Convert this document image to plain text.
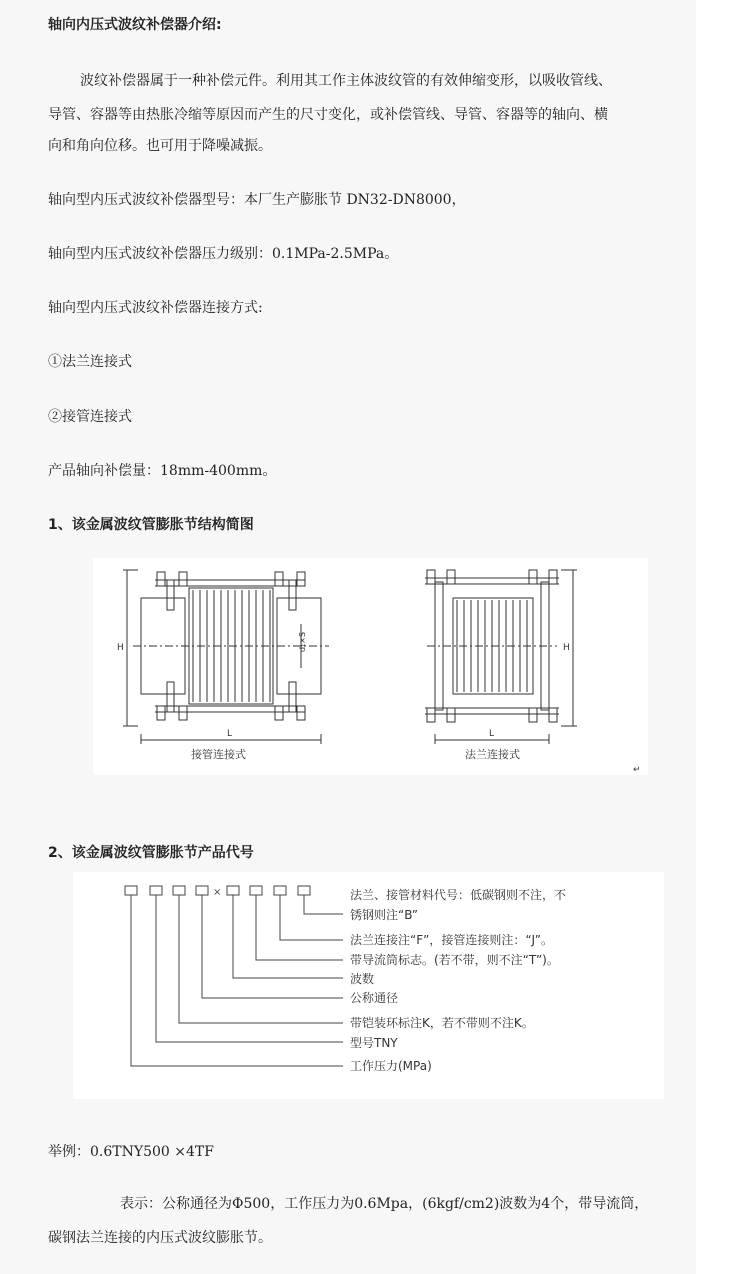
轴向内压式波纹补偿器介绍:
波纹补偿器属于一种补偿元件。利用其工作主体波纹管的有效伸缩变形，以吸收管线、
导管、容器等由热胀冷缩等原因而产生的尺寸变化，或补偿管线、导管、容器等的轴向、横
向和角向位移。也可用于降噪减振。
轴向型内压式波纹补偿器型号：本厂生产膨胀节 DN32-DN8000，
轴向型内压式波纹补偿器压力级别：0.1MPa-2.5MPa。
轴向型内压式波纹补偿器连接方式:
①法兰连接式
②接管连接式
产品轴向补偿量：18mm-400mm。
1、该金属波纹管膨胀节结构简图
H	H
d₁×S
L	L
接管连接式	法兰连接式
↵
2、该金属波纹管膨胀节产品代号
×	法兰、接管材料代号：低碳钢则不注，不
锈钢则注“B”
法兰连接注“F”，接管连接则注：“J”。
带导流筒标志。(若不带，则不注“T”)。
波数
公称通径
带铠装环标注K，若不带则不注K。
型号TNY
工作压力(MPa)
举例：0.6TNY500 ×4TF
表示：公称通径为Φ500，工作压力为0.6Mpa，(6kgf/cm2)波数为4个，带导流筒，
碳钢法兰连接的内压式波纹膨胀节。
